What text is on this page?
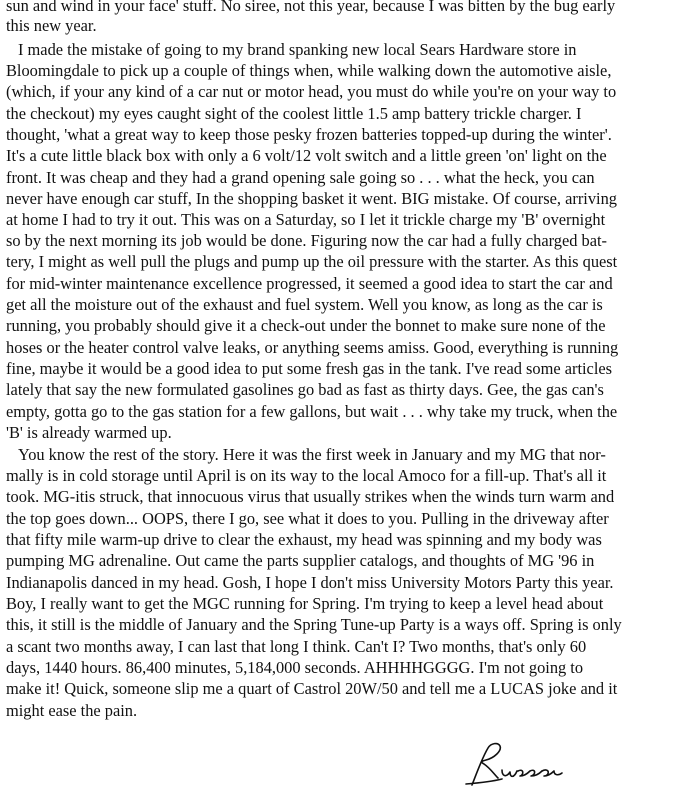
sun and wind in your face' stuff. No siree, not this year, because I was bitten by the bug early
this new year.
I made the mistake of going to my brand spanking new local Sears Hardware store in
Bloomingdale to pick up a couple of things when, while walking down the automotive aisle,
(which, if your any kind of a car nut or motor head, you must do while you're on your way to
the checkout) my eyes caught sight of the coolest little 1.5 amp battery trickle charger. I
thought, 'what a great way to keep those pesky frozen batteries topped-up during the winter'.
It's a cute little black box with only a 6 volt/12 volt switch and a little green 'on' light on the
front. It was cheap and they had a grand opening sale going so . . . what the heck, you can
never have enough car stuff, In the shopping basket it went. BIG mistake. Of course, arriving
at home I had to try it out. This was on a Saturday, so I let it trickle charge my 'B' overnight
so by the next morning its job would be done. Figuring now the car had a fully charged bat-
tery, I might as well pull the plugs and pump up the oil pressure with the starter. As this quest
for mid-winter maintenance excellence progressed, it seemed a good idea to start the car and
get all the moisture out of the exhaust and fuel system. Well you know, as long as the car is
running, you probably should give it a check-out under the bonnet to make sure none of the
hoses or the heater control valve leaks, or anything seems amiss. Good, everything is running
fine, maybe it would be a good idea to put some fresh gas in the tank. I've read some articles
lately that say the new formulated gasolines go bad as fast as thirty days. Gee, the gas can's
empty, gotta go to the gas station for a few gallons, but wait . . . why take my truck, when the
'B' is already warmed up.
You know the rest of the story. Here it was the first week in January and my MG that nor-
mally is in cold storage until April is on its way to the local Amoco for a fill-up. That's all it
took. MG-itis struck, that innocuous virus that usually strikes when the winds turn warm and
the top goes down... OOPS, there I go, see what it does to you. Pulling in the driveway after
that fifty mile warm-up drive to clear the exhaust, my head was spinning and my body was
pumping MG adrenaline. Out came the parts supplier catalogs, and thoughts of MG '96 in
Indianapolis danced in my head. Gosh, I hope I don't miss University Motors Party this year.
Boy, I really want to get the MGC running for Spring. I'm trying to keep a level head about
this, it still is the middle of January and the Spring Tune-up Party is a ways off. Spring is only
a scant two months away, I can last that long I think. Can't I? Two months, that's only 60
days, 1440 hours. 86,400 minutes, 5,184,000 seconds. AHHHHGGGG. I'm not going to
make it! Quick, someone slip me a quart of Castrol 20W/50 and tell me a LUCAS joke and it
might ease the pain.
